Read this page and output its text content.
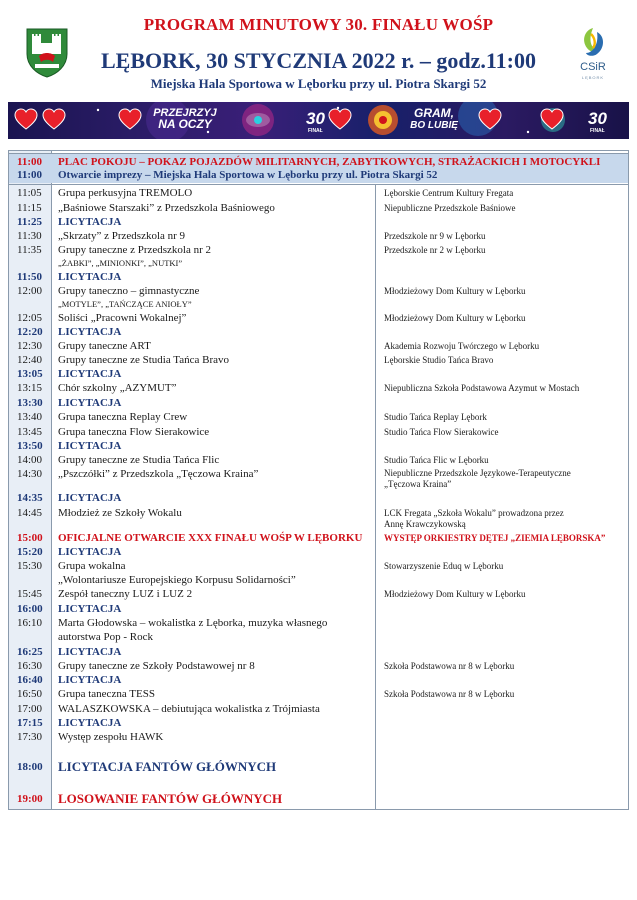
PROGRAM MINUTOWY 30. FINAŁU WOŚP
LĘBORK, 30 STYCZNIA 2022 r. – godz.11:00
Miejska Hala Sportowa w Lęborku przy ul. Piotra Skargi 52
CSiR
LĘBORK
PRZEJRZYJ
NA OCZY	30
FINAŁ
GRAM,
BO LUBIĘ	30
FINAŁ
11:00
11:00
11:05
11:15
11:25
11:30
11:35
11:50
12:00
12:05
12:20
12:30
12:40
13:05
13:15
13:30
13:40
13:45
13:50
14:00
14:30
14:35
14:45
15:00
15:20
15:30
15:45
16:00
16:10
16:25
16:30
16:40
16:50
17:00
17:15
17:30
18:00
19:00
PLAC POKOJU – POKAZ POJAZDÓW MILITARNYCH, ZABYTKOWYCH, STRAŻACKICH I MOTOCYKLI
Otwarcie imprezy – Miejska Hala Sportowa w Lęborku przy ul. Piotra Skargi 52
Grupa perkusyjna TREMOLO
„Baśniowe Starszaki” z Przedszkola Baśniowego
LICYTACJA
„Skrzaty” z Przedszkola nr 9
Grupy taneczne z Przedszkola nr 2
„ŻABKI”, „MINIONKI”, „NUTKI”
LICYTACJA
Grupy taneczno – gimnastyczne
„MOTYLE”, „TAŃCZĄCE ANIOŁY”
Soliści „Pracowni Wokalnej”
LICYTACJA
Grupy taneczne ART
Grupy taneczne ze Studia Tańca Bravo
LICYTACJA
Chór szkolny „AZYMUT”
LICYTACJA
Grupa taneczna Replay Crew
Grupa taneczna Flow Sierakowice
LICYTACJA
Grupy taneczne ze Studia Tańca Flic
„Pszczółki” z Przedszkola „Tęczowa Kraina”
LICYTACJA
Młodzież ze Szkoły Wokalu
OFICJALNE OTWARCIE XXX FINAŁU WOŚP W LĘBORKU
LICYTACJA
Grupa wokalna
„Wolontariusze Europejskiego Korpusu Solidarności”
Zespół taneczny LUZ i LUZ 2
LICYTACJA
Marta Głodowska – wokalistka z Lęborka, muzyka własnego
autorstwa Pop - Rock
LICYTACJA
Grupy taneczne ze Szkoły Podstawowej nr 8
LICYTACJA
Grupa taneczna TESS
WALASZKOWSKA – debiutująca wokalistka z Trójmiasta
LICYTACJA
Występ zespołu HAWK
LICYTACJA FANTÓW GŁÓWNYCH
LOSOWANIE FANTÓW GŁÓWNYCH
Lęborskie Centrum Kultury Fregata
Niepubliczne Przedszkole Baśniowe
Przedszkole nr 9 w Lęborku
Przedszkole nr 2 w Lęborku
Młodzieżowy Dom Kultury w Lęborku
Młodzieżowy Dom Kultury w Lęborku
Akademia Rozwoju Twórczego w Lęborku
Lęborskie Studio Tańca Bravo
Niepubliczna Szkoła Podstawowa Azymut w Mostach
Studio Tańca Replay Lębork
Studio Tańca Flow Sierakowice
Studio Tańca Flic w Lęborku
Niepubliczne Przedszkole Językowe-Terapeutyczne
„Tęczowa Kraina”
LCK Fregata „Szkoła Wokalu” prowadzona przez
Annę Krawczykowską
WYSTĘP ORKIESTRY DĘTEJ „ZIEMIA LĘBORSKA”
Stowarzyszenie Eduq w Lęborku
Młodzieżowy Dom Kultury w Lęborku
Szkoła Podstawowa nr 8 w Lęborku
Szkoła Podstawowa nr 8 w Lęborku
